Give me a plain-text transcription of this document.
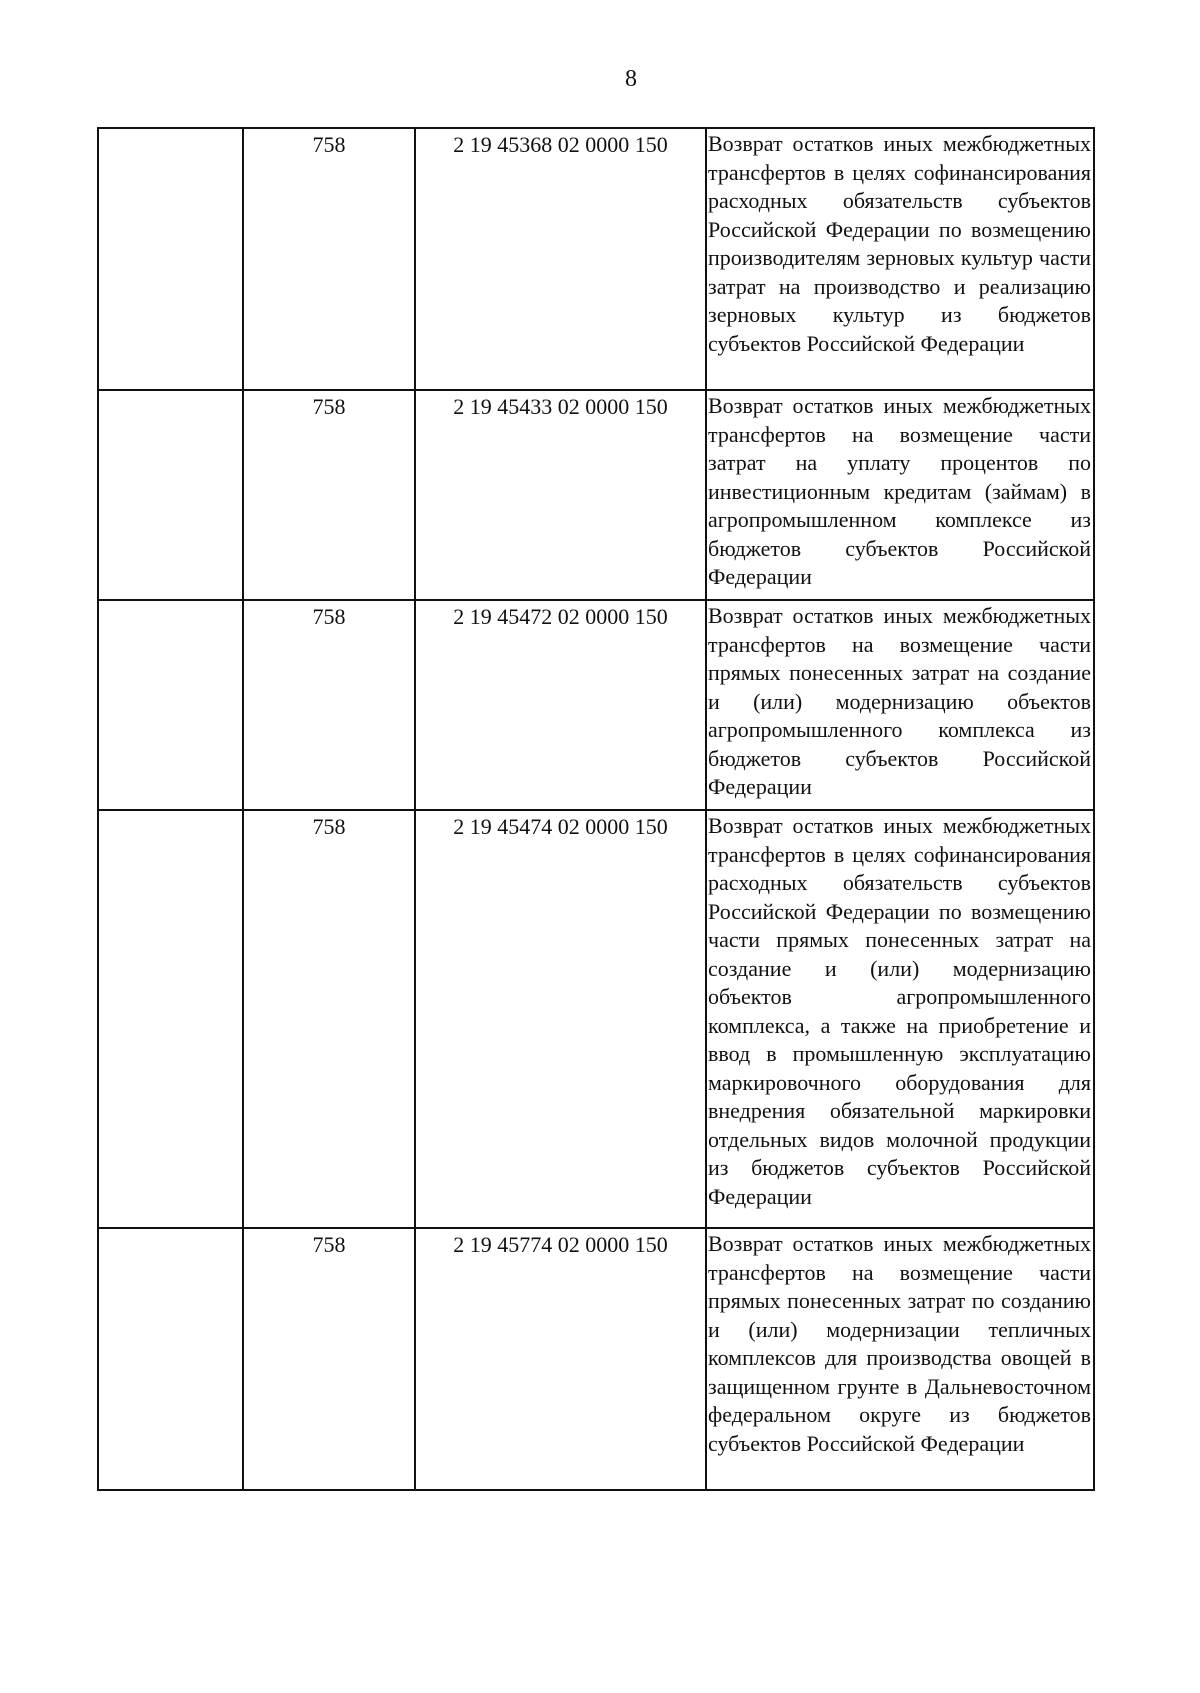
8
	758	2 19 45368 02 0000 150	Возврат остатков иных межбюджетных трансфертов в целях софинансирования расходных обязательств субъектов Российской Федерации по возмещению производителям зерновых культур части затрат на производство и реализацию зерновых культур из бюджетов субъектов Российской Федерации
	758	2 19 45433 02 0000 150	Возврат остатков иных межбюджетных трансфертов на возмещение части затрат на уплату процентов по инвестиционным кредитам (займам) в агропромышленном комплексе из бюджетов субъектов Российской Федерации
	758	2 19 45472 02 0000 150	Возврат остатков иных межбюджетных трансфертов на возмещение части прямых понесенных затрат на создание и (или) модернизацию объектов агропромышленного комплекса из бюджетов субъектов Российской Федерации
	758	2 19 45474 02 0000 150	Возврат остатков иных межбюджетных трансфертов в целях софинансирования расходных обязательств субъектов Российской Федерации по возмещению части прямых понесенных затрат на создание и (или) модернизацию объектов агропромышленного комплекса, а также на приобретение и ввод в промышленную эксплуатацию маркировочного оборудования для внедрения обязательной маркировки отдельных видов молочной продукции из бюджетов субъектов Российской Федерации
	758	2 19 45774 02 0000 150	Возврат остатков иных межбюджетных трансфертов на возмещение части прямых понесенных затрат по созданию и (или) модернизации тепличных комплексов для производства овощей в защищенном грунте в Дальневосточном федеральном округе из бюджетов субъектов Российской Федерации
